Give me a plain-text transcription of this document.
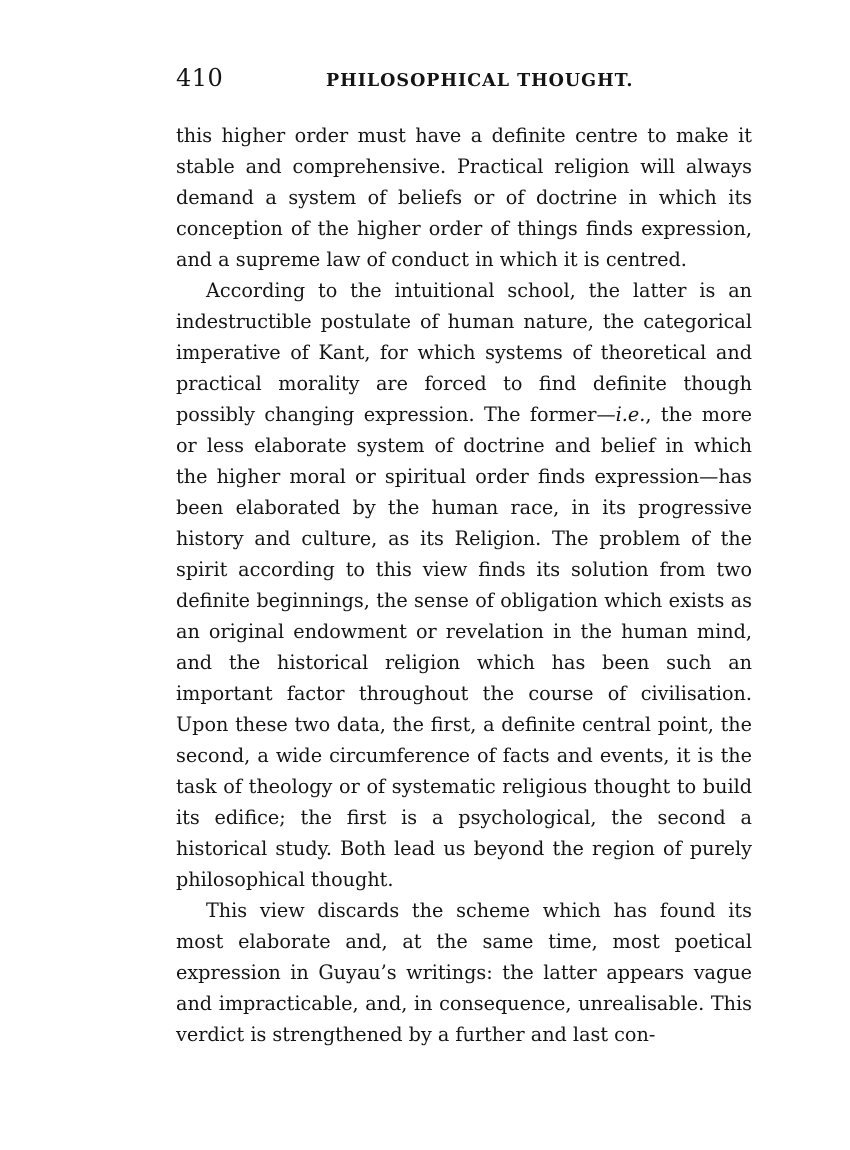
410	PHILOSOPHICAL THOUGHT.

this higher order must have a definite centre to make it stable and comprehensive. Practical religion will always demand a system of beliefs or of doctrine in which its conception of the higher order of things finds expression, and a supreme law of conduct in which it is centred.

According to the intuitional school, the latter is an indestructible postulate of human nature, the categorical imperative of Kant, for which systems of theoretical and practical morality are forced to find definite though possibly changing expression. The former—i.e., the more or less elaborate system of doctrine and belief in which the higher moral or spiritual order finds expression—has been elaborated by the human race, in its progressive history and culture, as its Religion. The problem of the spirit according to this view finds its solution from two definite beginnings, the sense of obligation which exists as an original endowment or revelation in the human mind, and the historical religion which has been such an important factor throughout the course of civilisation. Upon these two data, the first, a definite central point, the second, a wide circumference of facts and events, it is the task of theology or of systematic religious thought to build its edifice; the first is a psychological, the second a historical study. Both lead us beyond the region of purely philosophical thought.

This view discards the scheme which has found its most elaborate and, at the same time, most poetical expression in Guyau’s writings: the latter appears vague and impracticable, and, in consequence, unrealisable. This verdict is strengthened by a further and last con-
